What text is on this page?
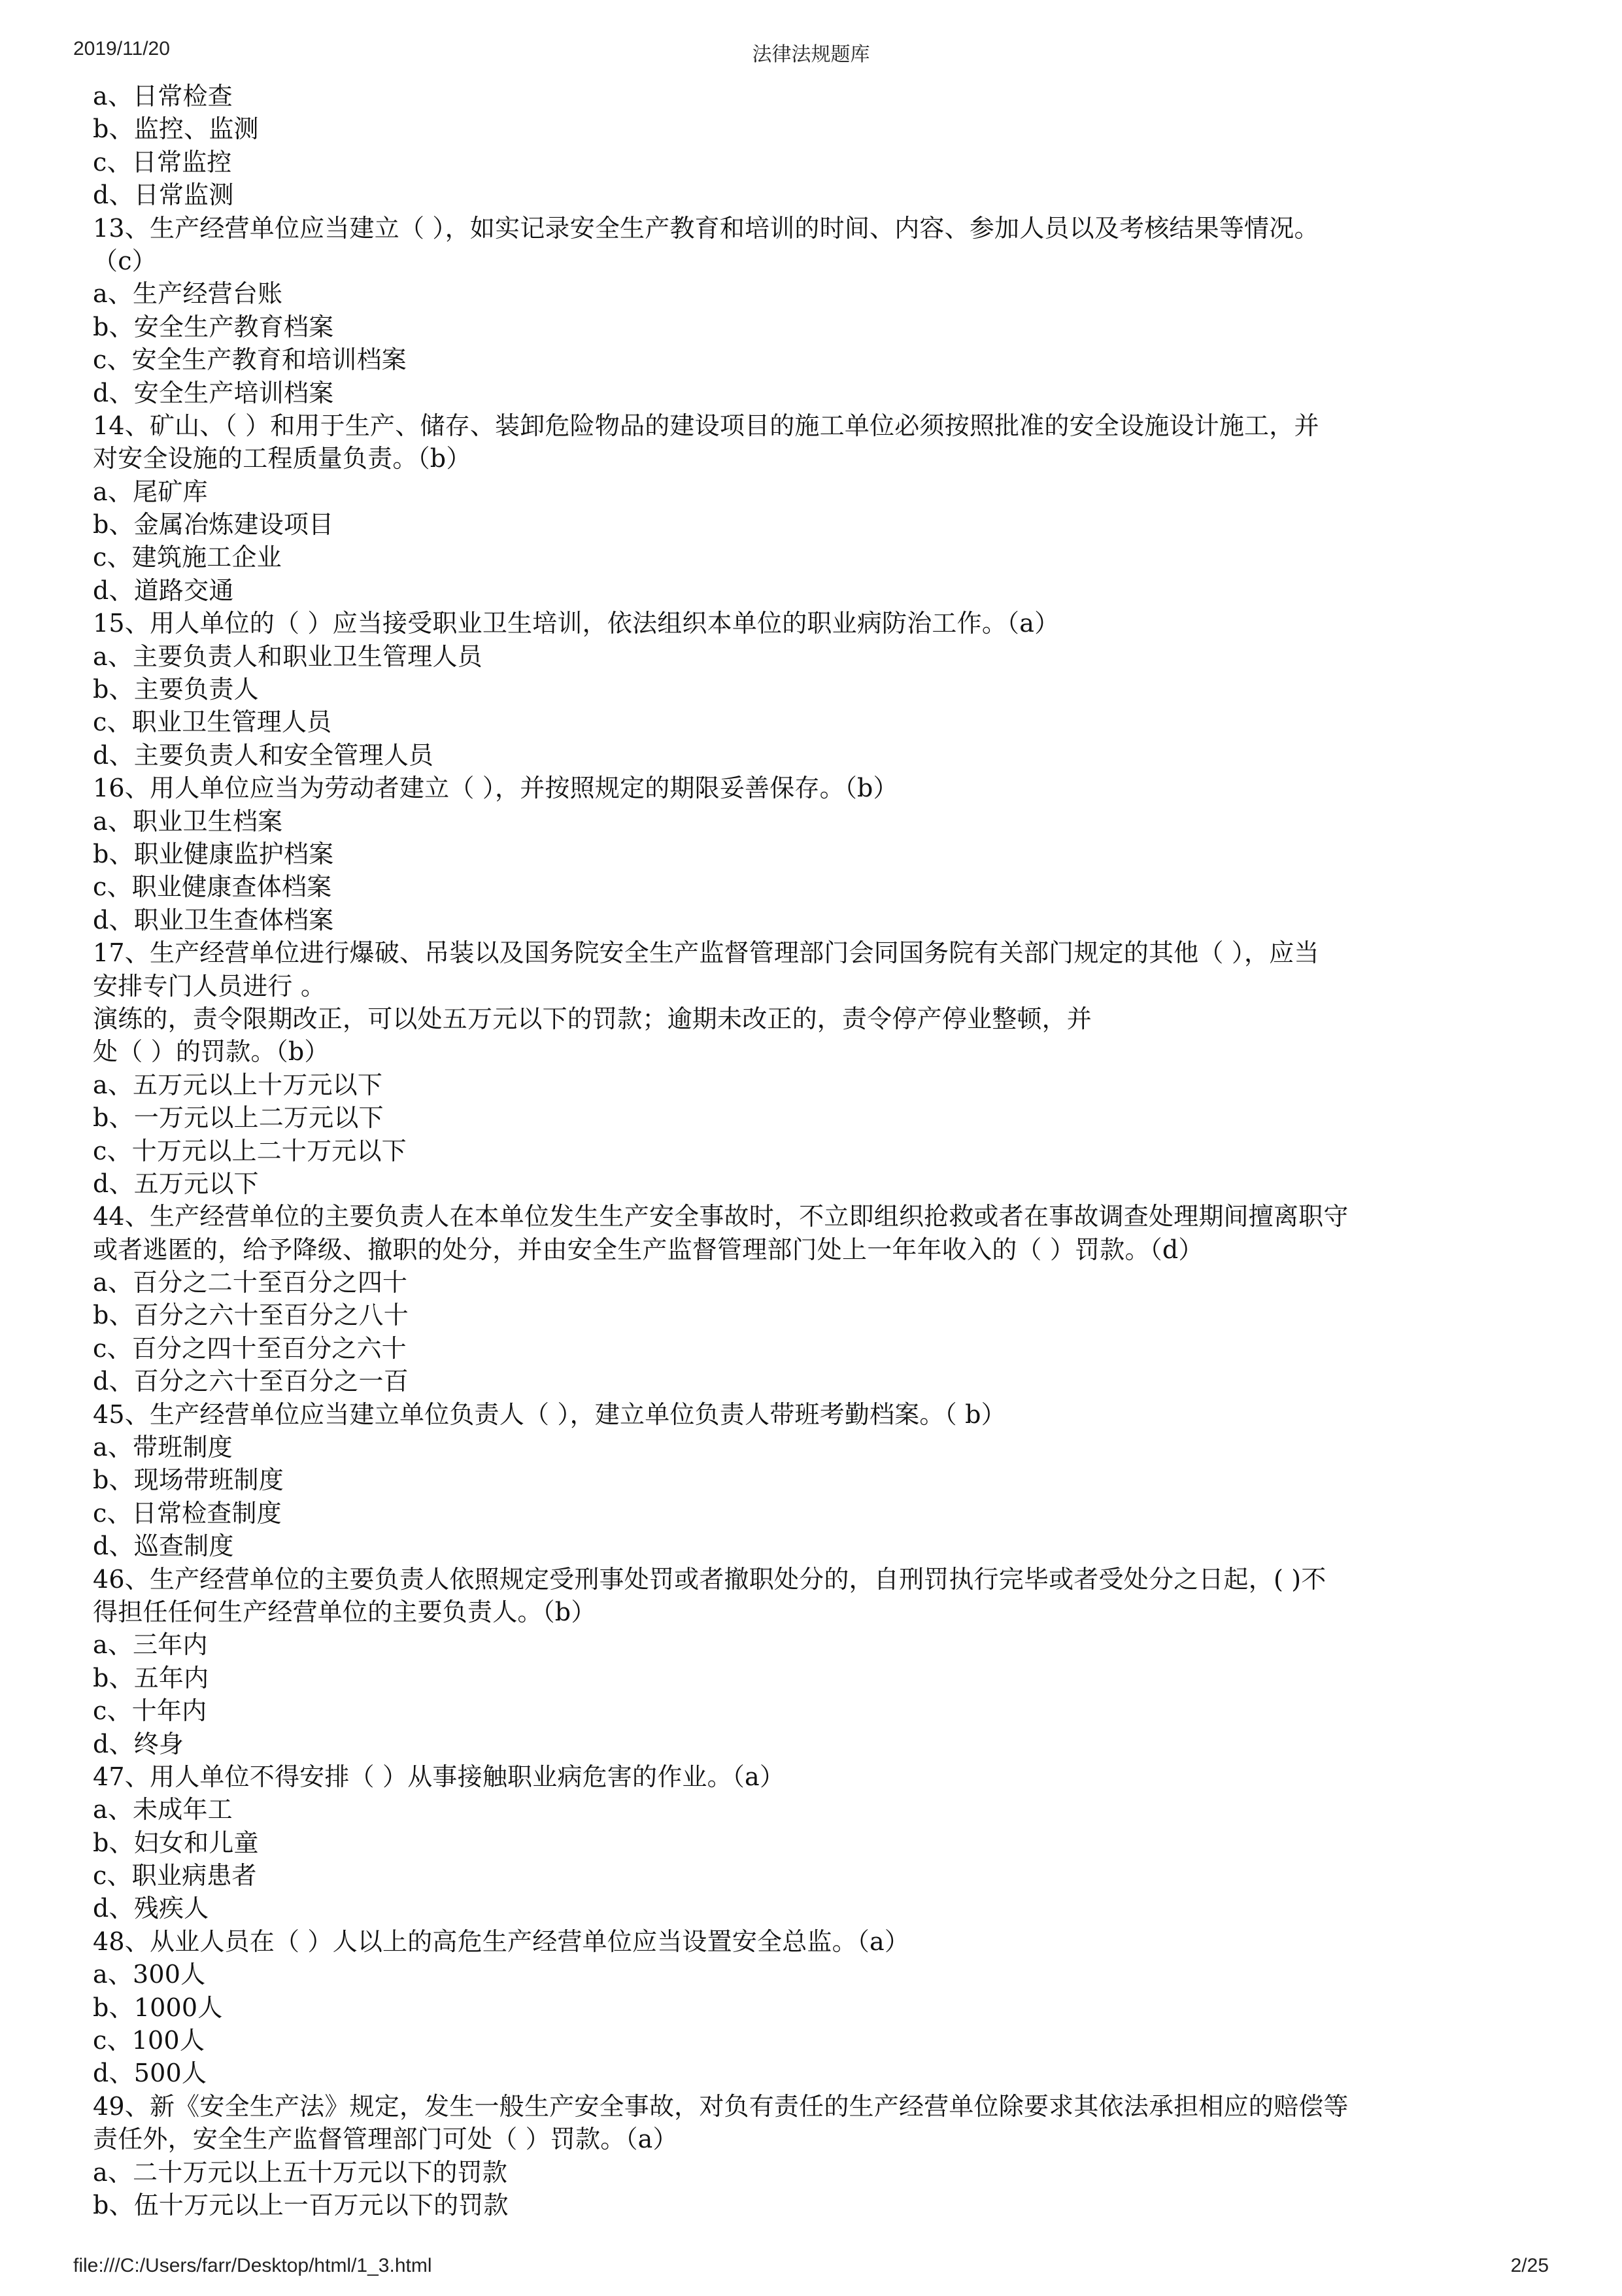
2019/11/20	法律法规题库
a、日常检查
b、监控、监测
c、日常监控
d、日常监测
13、生产经营单位应当建立（ ），如实记录安全生产教育和培训的时间、内容、参加人员以及考核结果等情况。
（c）
a、生产经营台账
b、安全生产教育档案
c、安全生产教育和培训档案
d、安全生产培训档案
14、矿山、（ ）和用于生产、储存、装卸危险物品的建设项目的施工单位必须按照批准的安全设施设计施工，并
对安全设施的工程质量负责。（b）
a、尾矿库
b、金属冶炼建设项目
c、建筑施工企业
d、道路交通
15、用人单位的（ ）应当接受职业卫生培训，依法组织本单位的职业病防治工作。（a）
a、主要负责人和职业卫生管理人员
b、主要负责人
c、职业卫生管理人员
d、主要负责人和安全管理人员
16、用人单位应当为劳动者建立（ ），并按照规定的期限妥善保存。（b）
a、职业卫生档案
b、职业健康监护档案
c、职业健康查体档案
d、职业卫生查体档案
17、生产经营单位进行爆破、吊装以及国务院安全生产监督管理部门会同国务院有关部门规定的其他（ ），应当
安排专门人员进行 。
演练的，责令限期改正，可以处五万元以下的罚款；逾期未改正的，责令停产停业整顿，并
处（ ）的罚款。（b）
a、五万元以上十万元以下
b、一万元以上二万元以下
c、十万元以上二十万元以下
d、五万元以下
44、生产经营单位的主要负责人在本单位发生生产安全事故时，不立即组织抢救或者在事故调查处理期间擅离职守
或者逃匿的，给予降级、撤职的处分，并由安全生产监督管理部门处上一年年收入的（ ）罚款。（d）
a、百分之二十至百分之四十
b、百分之六十至百分之八十
c、百分之四十至百分之六十
d、百分之六十至百分之一百
45、生产经营单位应当建立单位负责人（ ），建立单位负责人带班考勤档案。（ b）
a、带班制度
b、现场带班制度
c、日常检查制度
d、巡查制度
46、生产经营单位的主要负责人依照规定受刑事处罚或者撤职处分的，自刑罚执行完毕或者受处分之日起，( )不
得担任任何生产经营单位的主要负责人。（b）
a、三年内
b、五年内
c、十年内
d、终身
47、用人单位不得安排（ ）从事接触职业病危害的作业。（a）
a、未成年工
b、妇女和儿童
c、职业病患者
d、残疾人
48、从业人员在（ ）人以上的高危生产经营单位应当设置安全总监。（a）
a、300人
b、1000人
c、100人
d、500人
49、新《安全生产法》规定，发生一般生产安全事故，对负有责任的生产经营单位除要求其依法承担相应的赔偿等
责任外，安全生产监督管理部门可处（ ）罚款。（a）
a、二十万元以上五十万元以下的罚款
b、伍十万元以上一百万元以下的罚款
file:///C:/Users/farr/Desktop/html/1_3.html	2/25
